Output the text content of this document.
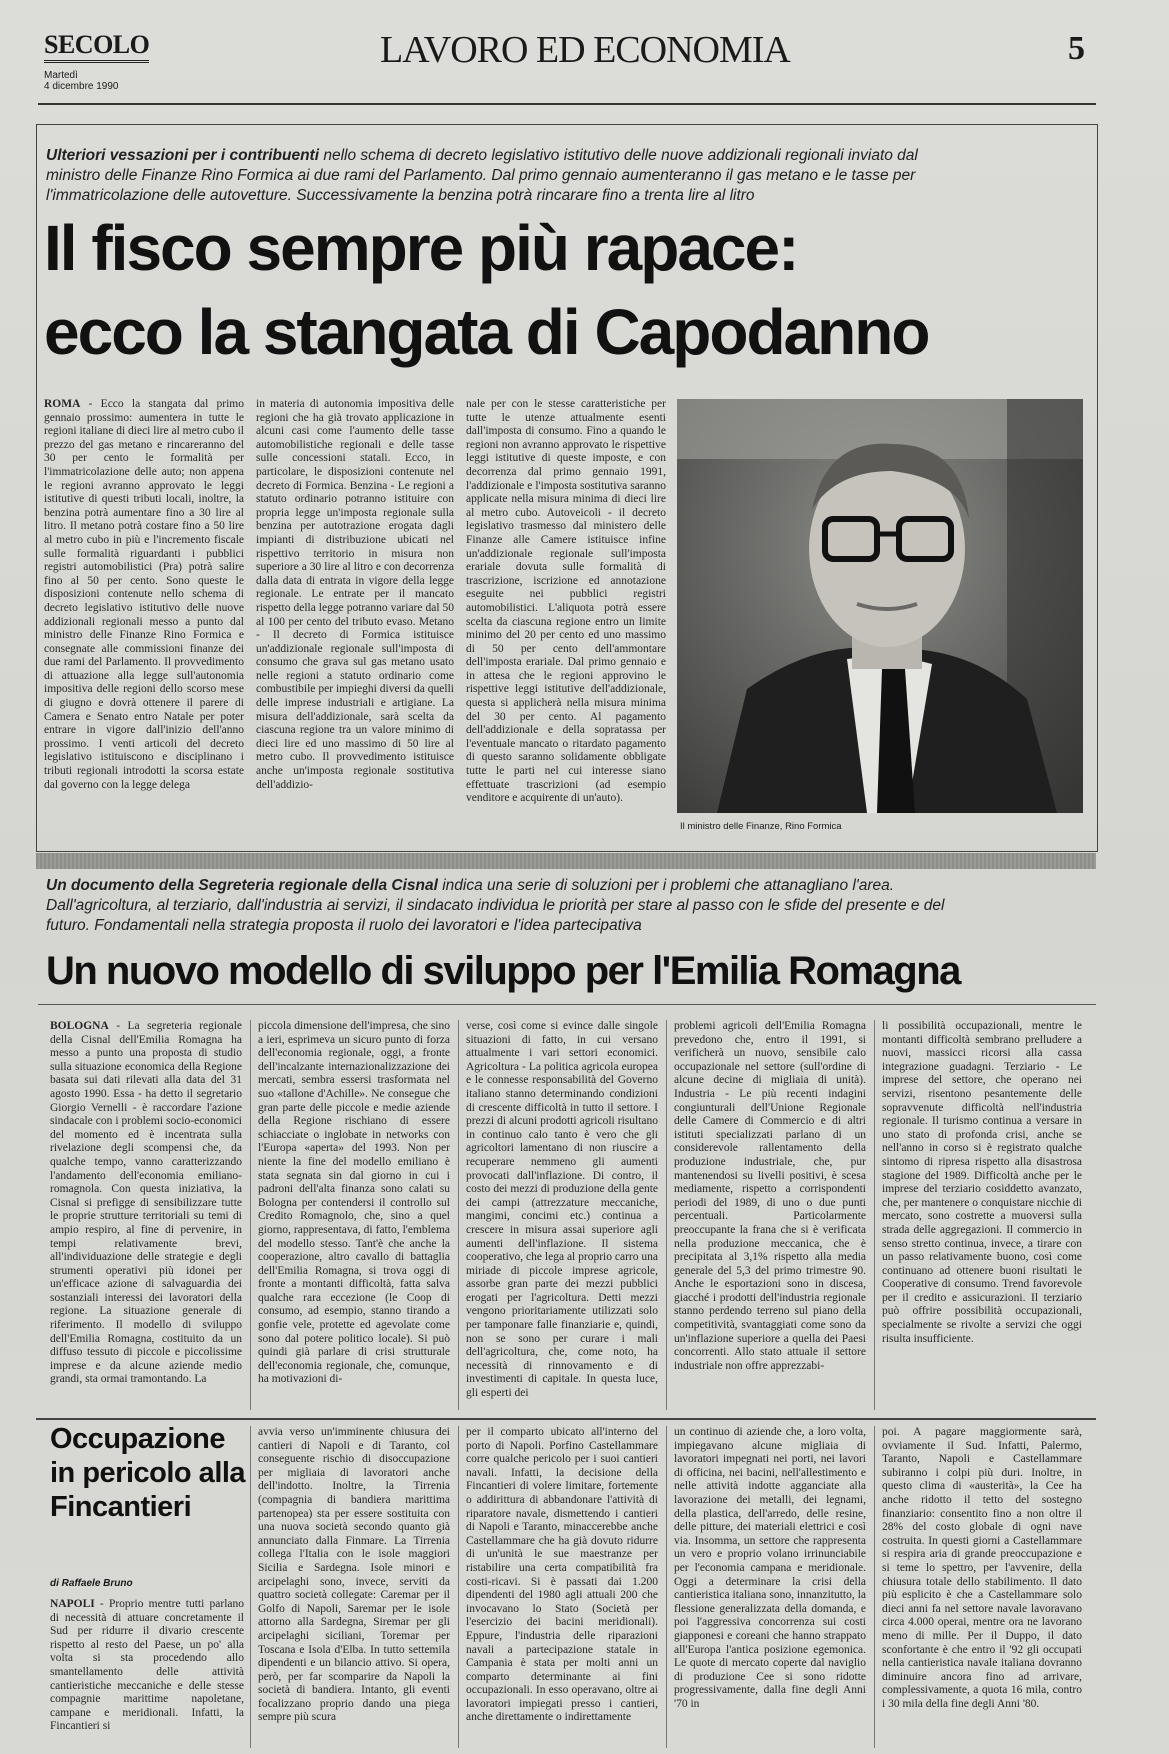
SECOLO
Martedì
4 dicembre 1990
LAVORO ED ECONOMIA	5
Ulteriori vessazioni per i contribuenti nello schema di decreto legislativo istitutivo delle nuove addizionali regionali inviato dal ministro delle Finanze Rino Formica ai due rami del Parlamento. Dal primo gennaio aumenteranno il gas metano e le tasse per l'immatricolazione delle autovetture. Successivamente la benzina potrà rincarare fino a trenta lire al litro
Il fisco sempre più rapace:
ecco la stangata di Capodanno
ROMA - Ecco la stangata dal primo gennaio prossimo: aumentera in tutte le regioni italiane di dieci lire al metro cubo il prezzo del gas metano e rincareranno del 30 per cento le formalità per l'immatricolazione delle auto; non appena le regioni avranno approvato le leggi istitutive di questi tributi locali, inoltre, la benzina potrà aumentare fino a 30 lire al litro. Il metano potrà costare fino a 50 lire al metro cubo in più e l'incremento fiscale sulle formalità riguardanti i pubblici registri automobilistici (Pra) potrà salire fino al 50 per cento. Sono queste le disposizioni contenute nello schema di decreto legislativo istitutivo delle nuove addizionali regionali messo a punto dal ministro delle Finanze Rino Formica e consegnate alle commissioni finanze dei due rami del Parlamento. Il provvedimento di attuazione alla legge sull'autonomia impositiva delle regioni dello scorso mese di giugno e dovrà ottenere il parere di Camera e Senato entro Natale per poter entrare in vigore dall'inizio dell'anno prossimo. I venti articoli del decreto legislativo istituiscono e disciplinano i tributi regionali introdotti la scorsa estate dal governo con la legge delega
in materia di autonomia impositiva delle regioni che ha già trovato applicazione in alcuni casi come l'aumento delle tasse automobilistiche regionali e delle tasse sulle concessioni statali. Ecco, in particolare, le disposizioni contenute nel decreto di Formica. Benzina - Le regioni a statuto ordinario potranno istituire con propria legge un'imposta regionale sulla benzina per autotrazione erogata dagli impianti di distribuzione ubicati nel rispettivo territorio in misura non superiore a 30 lire al litro e con decorrenza dalla data di entrata in vigore della legge regionale. Le entrate per il mancato rispetto della legge potranno variare dal 50 al 100 per cento del tributo evaso. Metano - Il decreto di Formica istituisce un'addizionale regionale sull'imposta di consumo che grava sul gas metano usato nelle regioni a statuto ordinario come combustibile per impieghi diversi da quelli delle imprese industriali e artigiane. La misura dell'addizionale, sarà scelta da ciascuna regione tra un valore minimo di dieci lire ed uno massimo di 50 lire al metro cubo. Il provvedimento istituisce anche un'imposta regionale sostitutiva dell'addizio-
nale per con le stesse caratteristiche per tutte le utenze attualmente esenti dall'imposta di consumo. Fino a quando le regioni non avranno approvato le rispettive leggi istitutive di queste imposte, e con decorrenza dal primo gennaio 1991, l'addizionale e l'imposta sostitutiva saranno applicate nella misura minima di dieci lire al metro cubo. Autoveicoli - il decreto legislativo trasmesso dal ministero delle Finanze alle Camere istituisce infine un'addizionale regionale sull'imposta erariale dovuta sulle formalità di trascrizione, iscrizione ed annotazione eseguite nei pubblici registri automobilistici. L'aliquota potrà essere scelta da ciascuna regione entro un limite minimo del 20 per cento ed uno massimo di 50 per cento dell'ammontare dell'imposta erariale. Dal primo gennaio e in attesa che le regioni approvino le rispettive leggi istitutive dell'addizionale, questa si applicherà nella misura minima del 30 per cento. Al pagamento dell'addizionale e della sopratassa per l'eventuale mancato o ritardato pagamento di questo saranno solidamente obbligate tutte le parti nel cui interesse siano effettuate trascrizioni (ad esempio venditore e acquirente di un'auto).
Il ministro delle Finanze, Rino Formica
Un documento della Segreteria regionale della Cisnal indica una serie di soluzioni per i problemi che attanagliano l'area. Dall'agricoltura, al terziario, dall'industria ai servizi, il sindacato individua le priorità per stare al passo con le sfide del presente e del futuro. Fondamentali nella strategia proposta il ruolo dei lavoratori e l'idea partecipativa
Un nuovo modello di sviluppo per l'Emilia Romagna
BOLOGNA - La segreteria regionale della Cisnal dell'Emilia Romagna ha messo a punto una proposta di studio sulla situazione economica della Regione basata sui dati rilevati alla data del 31 agosto 1990. Essa - ha detto il segretario Giorgio Vernelli - è raccordare l'azione sindacale con i problemi socio-economici del momento ed è incentrata sulla rivelazione degli scompensi che, da qualche tempo, vanno caratterizzando l'andamento dell'economia emiliano-romagnola. Con questa iniziativa, la Cisnal si prefigge di sensibilizzare tutte le proprie strutture territoriali su temi di ampio respiro, al fine di pervenire, in tempi relativamente brevi, all'individuazione delle strategie e degli strumenti operativi più idonei per un'efficace azione di salvaguardia dei sostanziali interessi dei lavoratori della regione. La situazione generale di riferimento. Il modello di sviluppo dell'Emilia Romagna, costituito da un diffuso tessuto di piccole e piccolissime imprese e da alcune aziende medio grandi, sta ormai tramontando. La
piccola dimensione dell'impresa, che sino a ieri, esprimeva un sicuro punto di forza dell'economia regionale, oggi, a fronte dell'incalzante internazionalizzazione dei mercati, sembra essersi trasformata nel suo «tallone d'Achille». Ne consegue che gran parte delle piccole e medie aziende della Regione rischiano di essere schiacciate o inglobate in networks con l'Europa «aperta» del 1993. Non per niente la fine del modello emiliano è stata segnata sin dal giorno in cui i padroni dell'alta finanza sono calati su Bologna per contendersi il controllo sul Credito Romagnolo, che, sino a quel giorno, rappresentava, di fatto, l'emblema del modello stesso. Tant'è che anche la cooperazione, altro cavallo di battaglia dell'Emilia Romagna, si trova oggi di fronte a montanti difficoltà, fatta salva qualche rara eccezione (le Coop di consumo, ad esempio, stanno tirando a gonfie vele, protette ed agevolate come sono dal potere politico locale). Si può quindi già parlare di crisi strutturale dell'economia regionale, che, comunque, ha motivazioni di-
verse, così come si evince dalle singole situazioni di fatto, in cui versano attualmente i vari settori economici. Agricoltura - La politica agricola europea e le connesse responsabilità del Governo italiano stanno determinando condizioni di crescente difficoltà in tutto il settore. I prezzi di alcuni prodotti agricoli risultano in continuo calo tanto è vero che gli agricoltori lamentano di non riuscire a recuperare nemmeno gli aumenti provocati dall'inflazione. Di contro, il costo dei mezzi di produzione della gente dei campi (attrezzature meccaniche, mangimi, concimi etc.) continua a crescere in misura assai superiore agli aumenti dell'inflazione. Il sistema cooperativo, che lega al proprio carro una miriade di piccole imprese agricole, assorbe gran parte dei mezzi pubblici erogati per l'agricoltura. Detti mezzi vengono prioritariamente utilizzati solo per tamponare falle finanziarie e, quindi, non se sono per curare i mali dell'agricoltura, che, come noto, ha necessità di rinnovamento e di investimenti di capitale. In questa luce, gli esperti dei
problemi agricoli dell'Emilia Romagna prevedono che, entro il 1991, si verificherà un nuovo, sensibile calo occupazionale nel settore (sull'ordine di alcune decine di migliaia di unità). Industria - Le più recenti indagini congiunturali dell'Unione Regionale delle Camere di Commercio e di altri istituti specializzati parlano di un considerevole rallentamento della produzione industriale, che, pur mantenendosi su livelli positivi, è scesa mediamente, rispetto a corrispondenti periodi del 1989, di uno o due punti percentuali. Particolarmente preoccupante la frana che si è verificata nella produzione meccanica, che è precipitata al 3,1% rispetto alla media generale del 5,3 del primo trimestre 90. Anche le esportazioni sono in discesa, giacché i prodotti dell'industria regionale stanno perdendo terreno sul piano della competitività, svantaggiati come sono da un'inflazione superiore a quella dei Paesi concorrenti. Allo stato attuale il settore industriale non offre apprezzabi-
li possibilità occupazionali, mentre le montanti difficoltà sembrano prelludere a nuovi, massicci ricorsi alla cassa integrazione guadagni. Terziario - Le imprese del settore, che operano nei servizi, risentono pesantemente delle sopravvenute difficoltà nell'industria regionale. Il turismo continua a versare in uno stato di profonda crisi, anche se nell'anno in corso si è registrato qualche sintomo di ripresa rispetto alla disastrosa stagione del 1989. Difficoltà anche per le imprese del terziario cosiddetto avanzato, che, per mantenere o conquistare nicchie di mercato, sono costrette a muoversi sulla strada delle aggregazioni. Il commercio in senso stretto continua, invece, a tirare con un passo relativamente buono, così come continuano ad ottenere buoni risultati le Cooperative di consumo. Trend favorevole per il credito e assicurazioni. Il terziario può offrire possibilità occupazionali, specialmente se rivolte a servizi che oggi risulta insufficiente.
Occupazione in pericolo alla Fincantieri
di Raffaele Bruno
NAPOLI - Proprio mentre tutti parlano di necessità di attuare concretamente il Sud per ridurre il divario crescente rispetto al resto del Paese, un po' alla volta si sta procedendo allo smantellamento delle attività cantieristiche meccaniche e delle stesse compagnie marittime napoletane, campane e meridionali. Infatti, la Fincantieri si
avvia verso un'imminente chiusura dei cantieri di Napoli e di Taranto, col conseguente rischio di disoccupazione per migliaia di lavoratori anche dell'indotto. Inoltre, la Tirrenia (compagnia di bandiera marittima partenopea) sta per essere sostituita con una nuova società secondo quanto già annunciato dalla Finmare. La Tirrenia collega l'Italia con le isole maggiori Sicilia e Sardegna. Isole minori e arcipelaghi sono, invece, serviti da quattro società collegate: Caremar per il Golfo di Napoli, Saremar per le isole attorno alla Sardegna, Siremar per gli arcipelaghi siciliani, Toremar per Toscana e Isola d'Elba. In tutto settemila dipendenti e un bilancio attivo. Si opera, però, per far scomparire da Napoli la società di bandiera. Intanto, gli eventi focalizzano proprio dando una piega sempre più scura
per il comparto ubicato all'interno del porto di Napoli. Porfino Castellammare corre qualche pericolo per i suoi cantieri navali. Infatti, la decisione della Fincantieri di volere limitare, fortemente o addirittura di abbandonare l'attività di riparatore navale, dismettendo i cantieri di Napoli e Taranto, minaccerebbe anche Castellammare che ha già dovuto ridurre di un'unità le sue maestranze per ristabilire una certa compatibilità fra costi-ricavi. Si è passati dai 1.200 dipendenti del 1980 agli attuali 200 che invocavano lo Stato (Società per l'esercizio dei bacini meridionali). Eppure, l'industria delle riparazioni navali a partecipazione statale in Campania è stata per molti anni un comparto determinante ai fini occupazionali. In esso operavano, oltre ai lavoratori impiegati presso i cantieri, anche direttamente o indirettamente
un continuo di aziende che, a loro volta, impiegavano alcune migliaia di lavoratori impegnati nei porti, nei lavori di officina, nei bacini, nell'allestimento e nelle attività indotte agganciate alla lavorazione dei metalli, dei legnami, della plastica, dell'arredo, delle resine, delle pitture, dei materiali elettrici e così via. Insomma, un settore che rappresenta un vero e proprio volano irrinunciabile per l'economia campana e meridionale. Oggi a determinare la crisi della cantieristica italiana sono, innanzitutto, la flessione generalizzata della domanda, e poi l'aggressiva concorrenza sui costi giapponesi e coreani che hanno strappato all'Europa l'antica posizione egemonica. Le quote di mercato coperte dal naviglio di produzione Cee si sono ridotte progressivamente, dalla fine degli Anni '70 in
poi. A pagare maggiormente sarà, ovviamente il Sud. Infatti, Palermo, Taranto, Napoli e Castellammare subiranno i colpi più duri. Inoltre, in questo clima di «austerità», la Cee ha anche ridotto il tetto del sostegno finanziario: consentito fino a non oltre il 28% del costo globale di ogni nave costruita. In questi giorni a Castellammare si respira aria di grande preoccupazione e si teme lo spettro, per l'avvenire, della chiusura totale dello stabilimento. Il dato più esplicito è che a Castellammare solo dieci anni fa nel settore navale lavoravano circa 4.000 operai, mentre ora ne lavorano meno di mille. Per il Duppo, il dato sconfortante è che entro il '92 gli occupati nella cantieristica navale italiana dovranno diminuire ancora fino ad arrivare, complessivamente, a quota 16 mila, contro i 30 mila della fine degli Anni '80.
